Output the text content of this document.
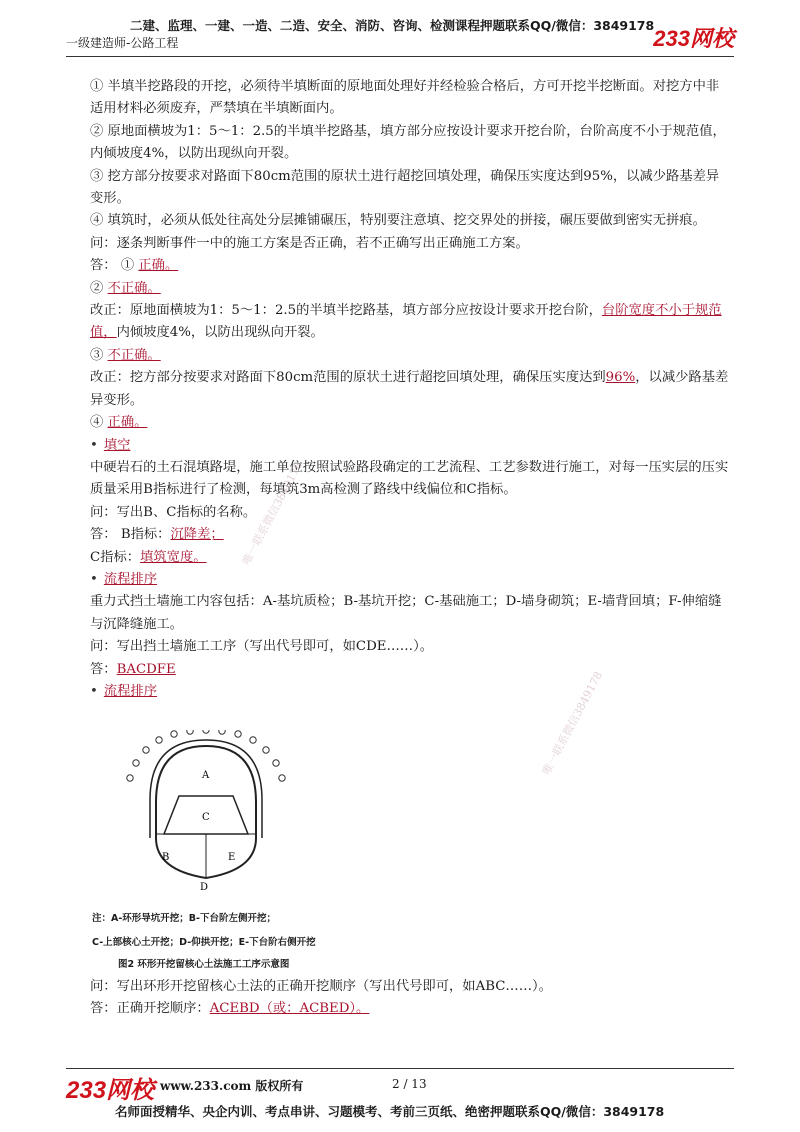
二建、监理、一建、一造、二造、安全、消防、咨询、检测课程押题联系QQ/微信：3849178
一级建造师-公路工程	233网校

① 半填半挖路段的开挖，必须待半填断面的原地面处理好并经检验合格后，方可开挖半挖断面。对挖方中非适用材料必须废弃，严禁填在半填断面内。

② 原地面横坡为1：5～1：2.5的半填半挖路基，填方部分应按设计要求开挖台阶，台阶高度不小于规范值，内倾坡度4%，以防出现纵向开裂。

③ 挖方部分按要求对路面下80cm范围的原状土进行超挖回填处理，确保压实度达到95%，以减少路基差异变形。

④ 填筑时，必须从低处往高处分层摊铺碾压，特别要注意填、挖交界处的拼接，碾压要做到密实无拼痕。

问：逐条判断事件一中的施工方案是否正确，若不正确写出正确施工方案。

答： ① 正确。

② 不正确。

改正：原地面横坡为1：5～1：2.5的半填半挖路基，填方部分应按设计要求开挖台阶，台阶宽度不小于规范值，内倾坡度4%，以防出现纵向开裂。

③ 不正确。

改正：挖方部分按要求对路面下80cm范围的原状土进行超挖回填处理，确保压实度达到96%，以减少路基差异变形。

④ 正确。

• 填空

中硬岩石的土石混填路堤，施工单位按照试验路段确定的工艺流程、工艺参数进行施工，对每一压实层的压实质量采用B指标进行了检测，每填筑3m高检测了路线中线偏位和C指标。

问：写出B、C指标的名称。

答： B指标：沉降差；

C指标：填筑宽度。

• 流程排序

重力式挡土墙施工内容包括：A-基坑质检；B-基坑开挖；C-基础施工；D-墙身砌筑；E-墙背回填；F-伸缩缝与沉降缝施工。

问：写出挡土墙施工工序（写出代号即可，如CDE……）。

答：BACDFE

• 流程排序

A
C
B	E
D
注：A-环形导坑开挖；B-下台阶左侧开挖；
C-上部核心土开挖；D-仰拱开挖；E-下台阶右侧开挖
图2 环形开挖留核心土法施工工序示意图

问：写出环形开挖留核心土法的正确开挖顺序（写出代号即可，如ABC……）。

答：正确开挖顺序：ACEBD（或：ACBED）。

唯一联系微信3849178
唯一联系微信3849178
233网校 www.233.com 版权所有	2 / 13
名师面授精华、央企内训、考点串讲、习题模考、考前三页纸、绝密押题联系QQ/微信：3849178
